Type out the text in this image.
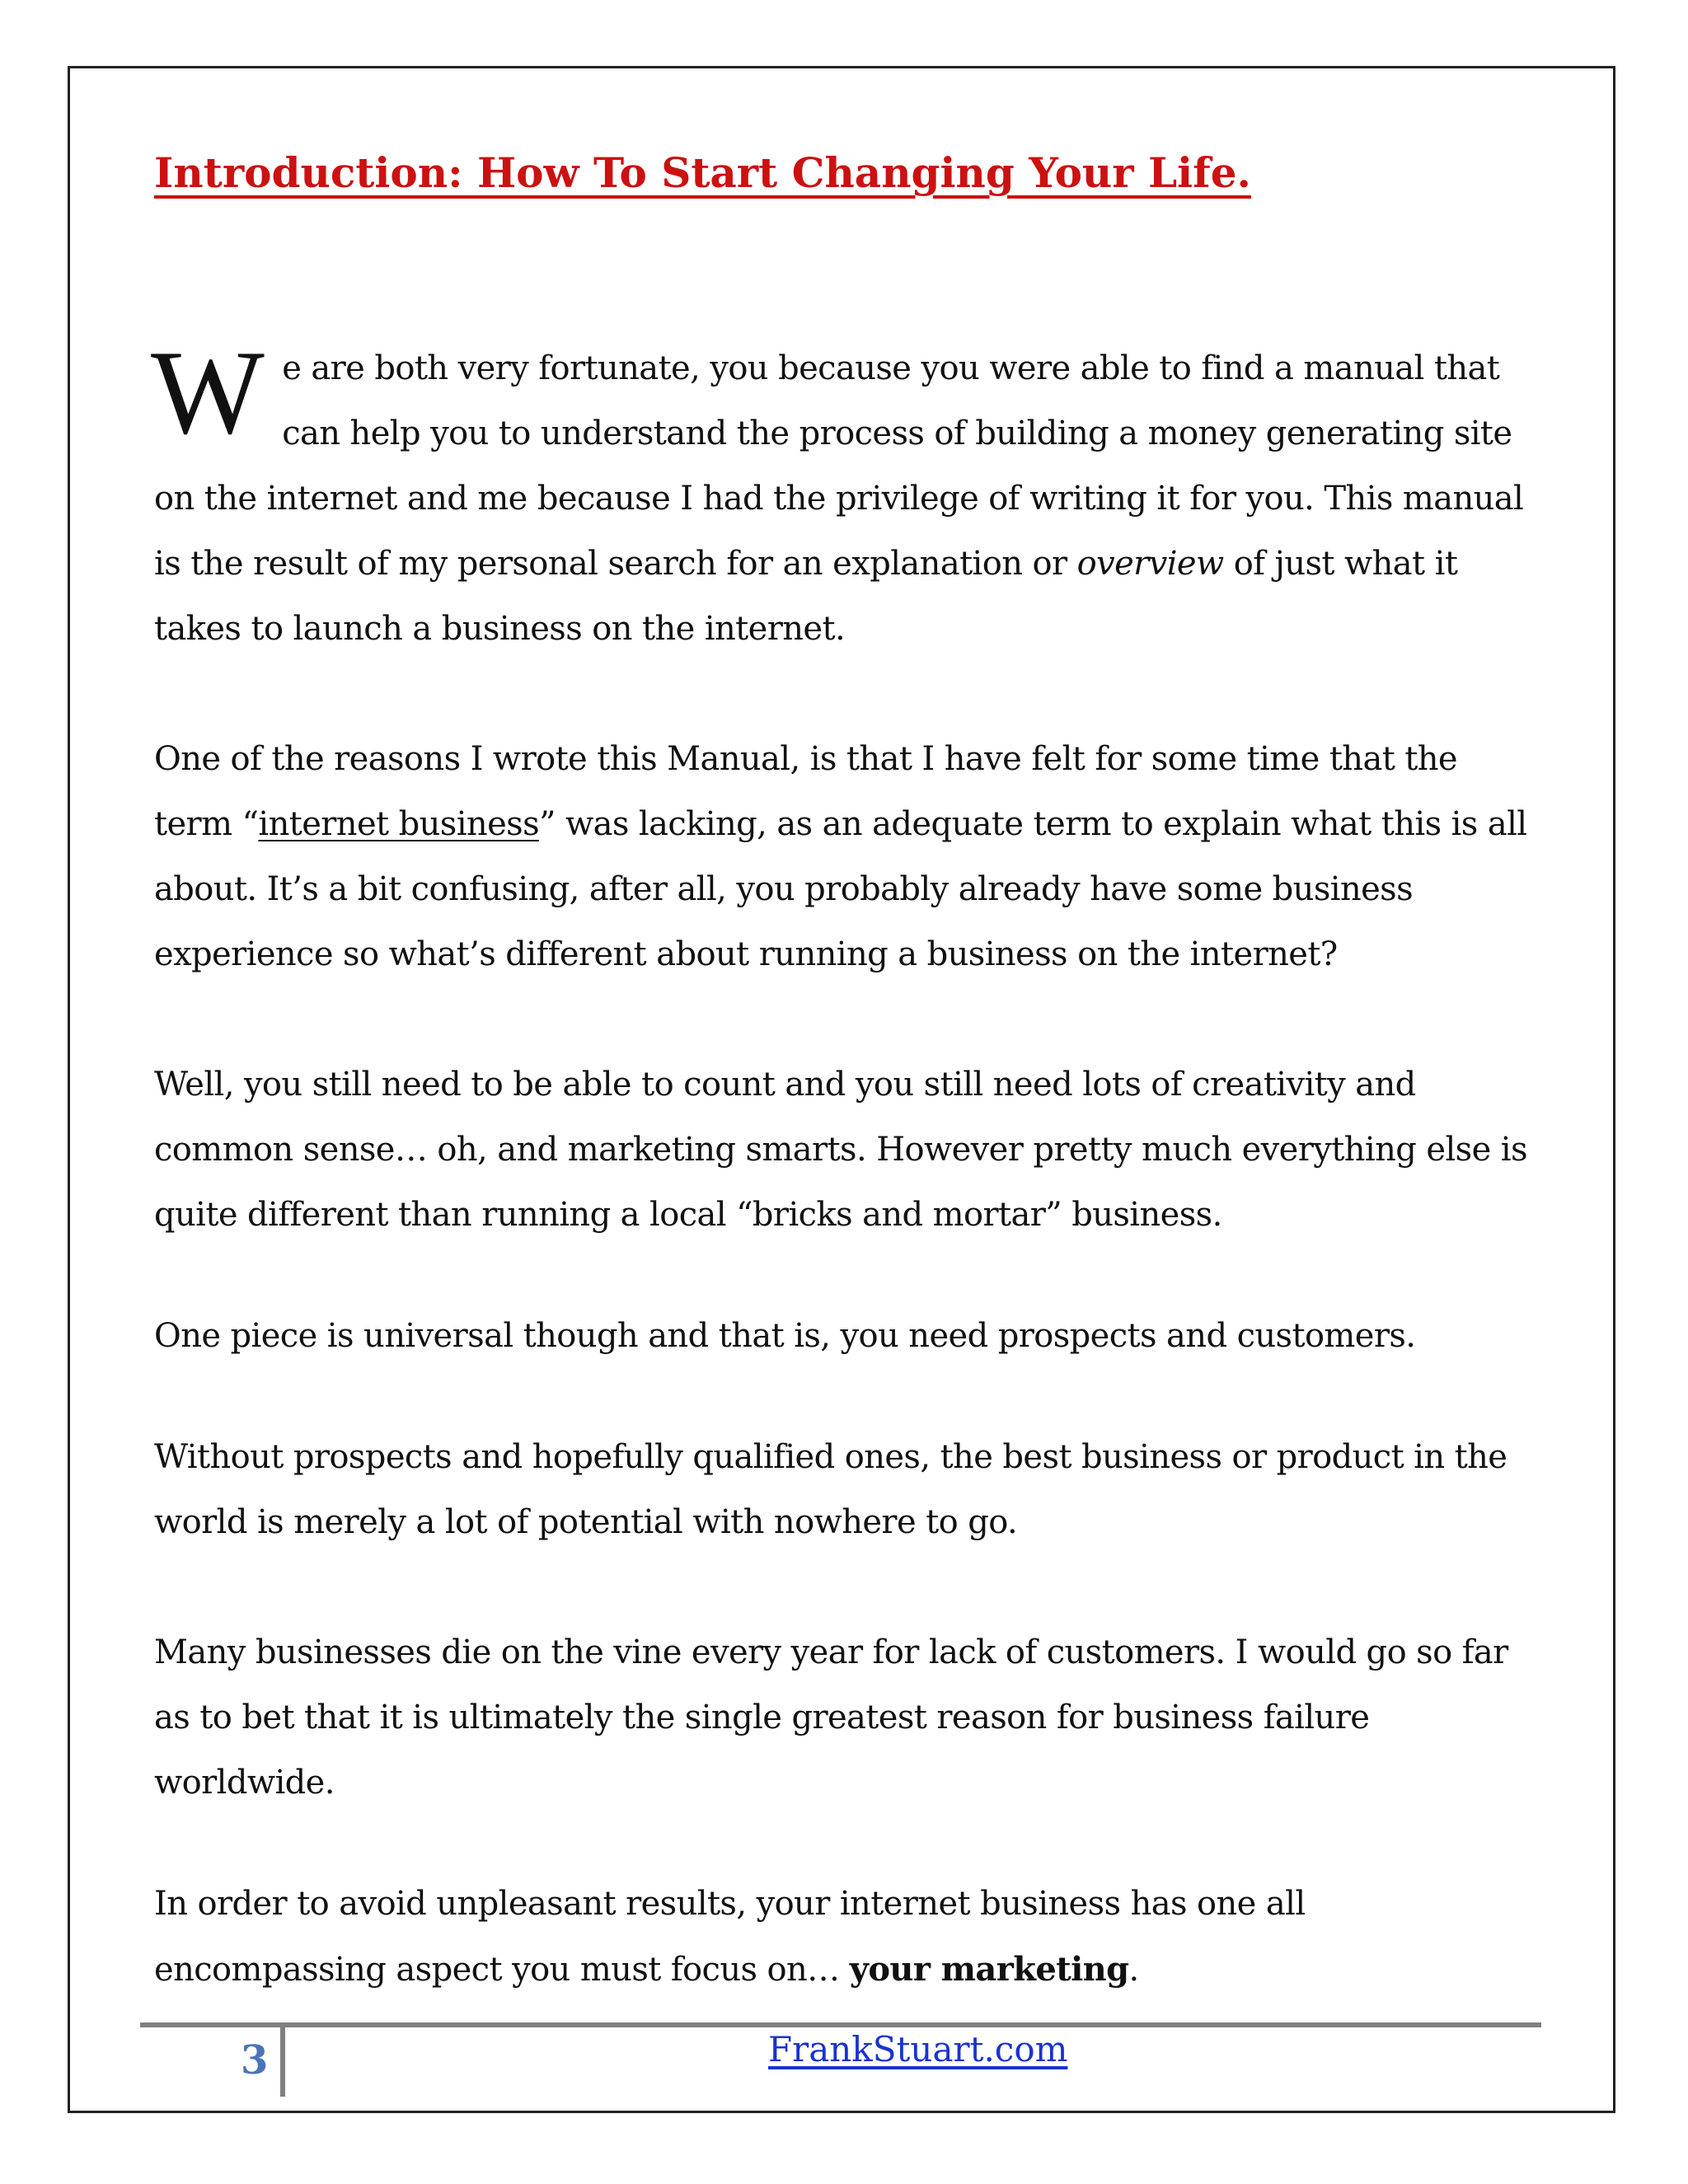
Introduction: How To Start Changing Your Life.

We are both very fortunate, you because you were able to find a manual that can help you to understand the process of building a money generating site on the internet and me because I had the privilege of writing it for you. This manual is the result of my personal search for an explanation or overview of just what it takes to launch a business on the internet.

One of the reasons I wrote this Manual, is that I have felt for some time that the term “internet business” was lacking, as an adequate term to explain what this is all about. It’s a bit confusing, after all, you probably already have some business experience so what’s different about running a business on the internet?

Well, you still need to be able to count and you still need lots of creativity and common sense… oh, and marketing smarts. However pretty much everything else is quite different than running a local “bricks and mortar” business.

One piece is universal though and that is, you need prospects and customers.

Without prospects and hopefully qualified ones, the best business or product in the world is merely a lot of potential with nowhere to go.

Many businesses die on the vine every year for lack of customers. I would go so far as to bet that it is ultimately the single greatest reason for business failure worldwide.

In order to avoid unpleasant results, your internet business has one all encompassing aspect you must focus on… your marketing.

3	FrankStuart.com
